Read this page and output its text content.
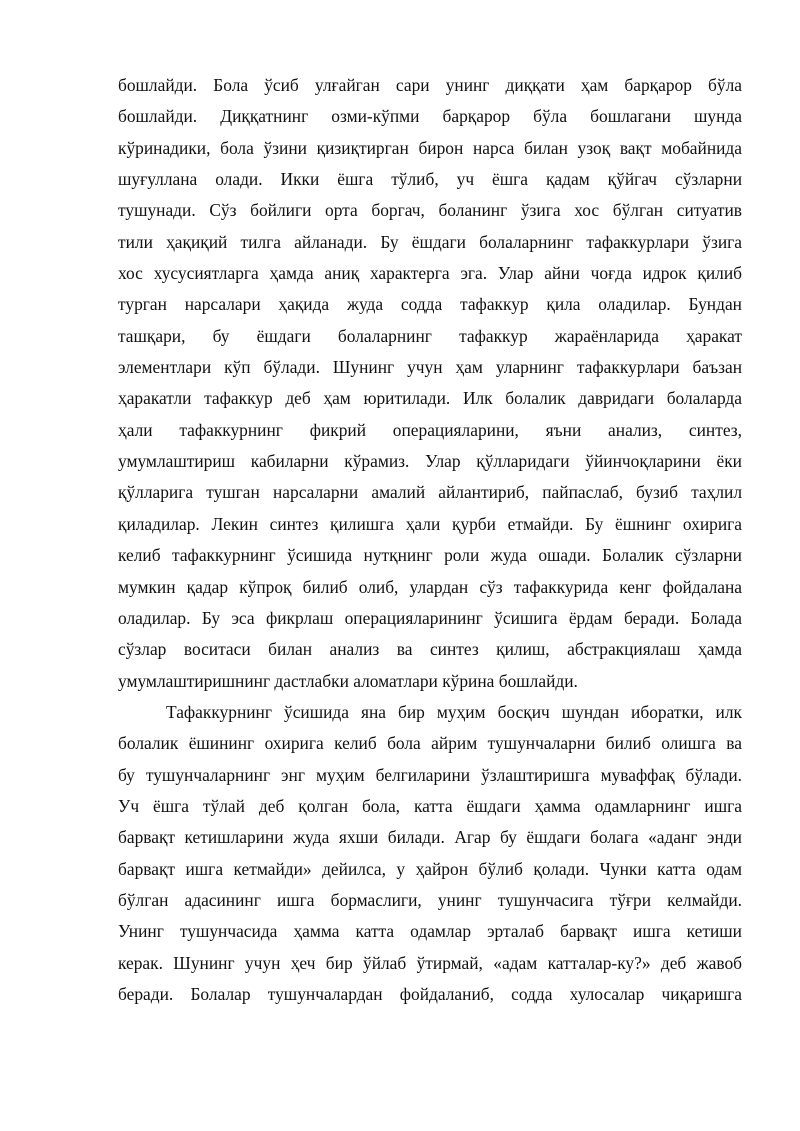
бошлайди. Бола ўсиб улғайган сари унинг диққати ҳам барқарор бўла
бошлайди. Диққатнинг озми-кўпми барқарор бўла бошлагани шунда
кўринадики, бола ўзини қизиқтирган бирон нарса билан узоқ вақт мобайнида
шуғуллана олади. Икки ёшга тўлиб, уч ёшга қадам қўйгач сўзларни
тушунади. Сўз бойлиги орта боргач, боланинг ўзига хос бўлган ситуатив
тили ҳақиқий тилга айланади. Бу ёшдаги болаларнинг тафаккурлари ўзига
хос хусусиятларга ҳамда аниқ характерга эга. Улар айни чоғда идрок қилиб
турган нарсалари ҳақида жуда содда тафаккур қила оладилар. Бундан
ташқари, бу ёшдаги болаларнинг тафаккур жараёнларида ҳаракат
элементлари кўп бўлади. Шунинг учун ҳам уларнинг тафаккурлари баъзан
ҳаракатли тафаккур деб ҳам юритилади. Илк болалик давридаги болаларда
ҳали тафаккурнинг фикрий операцияларини, яъни анализ, синтез,
умумлаштириш кабиларни кўрамиз. Улар қўлларидаги ўйинчоқларини ёки
қўлларига тушган нарсаларни амалий айлантириб, пайпаслаб, бузиб таҳлил
қиладилар. Лекин синтез қилишга ҳали қурби етмайди. Бу ёшнинг охирига
келиб тафаккурнинг ўсишида нутқнинг роли жуда ошади. Болалик сўзларни
мумкин қадар кўпроқ билиб олиб, улардан сўз тафаккурида кенг фойдалана
оладилар. Бу эса фикрлаш операцияларининг ўсишига ёрдам беради. Болада
сўзлар воситаси билан анализ ва синтез қилиш, абстракциялаш ҳамда
умумлаштиришнинг дастлабки аломатлари кўрина бошлайди.
Тафаккурнинг ўсишида яна бир муҳим босқич шундан иборатки, илк
болалик ёшининг охирига келиб бола айрим тушунчаларни билиб олишга ва
бу тушунчаларнинг энг муҳим белгиларини ўзлаштиришга муваффақ бўлади.
Уч ёшга тўлай деб қолган бола, катта ёшдаги ҳамма одамларнинг ишга
барвақт кетишларини жуда яхши билади. Агар бу ёшдаги болага «аданг энди
барвақт ишга кетмайди» дейилса, у ҳайрон бўлиб қолади. Чунки катта одам
бўлган адасининг ишга бормаслиги, унинг тушунчасига тўғри келмайди.
Унинг тушунчасида ҳамма катта одамлар эрталаб барвақт ишга кетиши
керак. Шунинг учун ҳеч бир ўйлаб ўтирмай, «адам катталар-ку?» деб жавоб
беради. Болалар тушунчалардан фойдаланиб, содда хулосалар чиқаришга
